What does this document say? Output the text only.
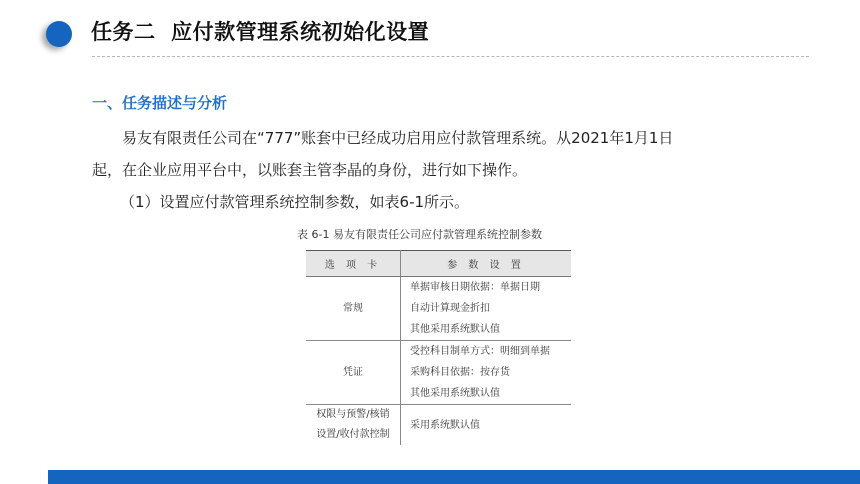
任务二  应付款管理系统初始化设置
一、任务描述与分析

易友有限责任公司在“777”账套中已经成功启用应付款管理系统。从2021年1月1日

起，在企业应用平台中，以账套主管李晶的身份，进行如下操作。

（1）设置应付款管理系统控制参数，如表6-1所示。

表 6-1 易友有限责任公司应付款管理系统控制参数
选 项 卡	参 数 设 置

常规	单据审核日期依据：单据日期
自动计算现金折扣
其他采用系统默认值

凭证	受控科目制单方式：明细到单据
采购科目依据：按存货
其他采用系统默认值

权限与预警/核销
设置/收付款控制	采用系统默认值
